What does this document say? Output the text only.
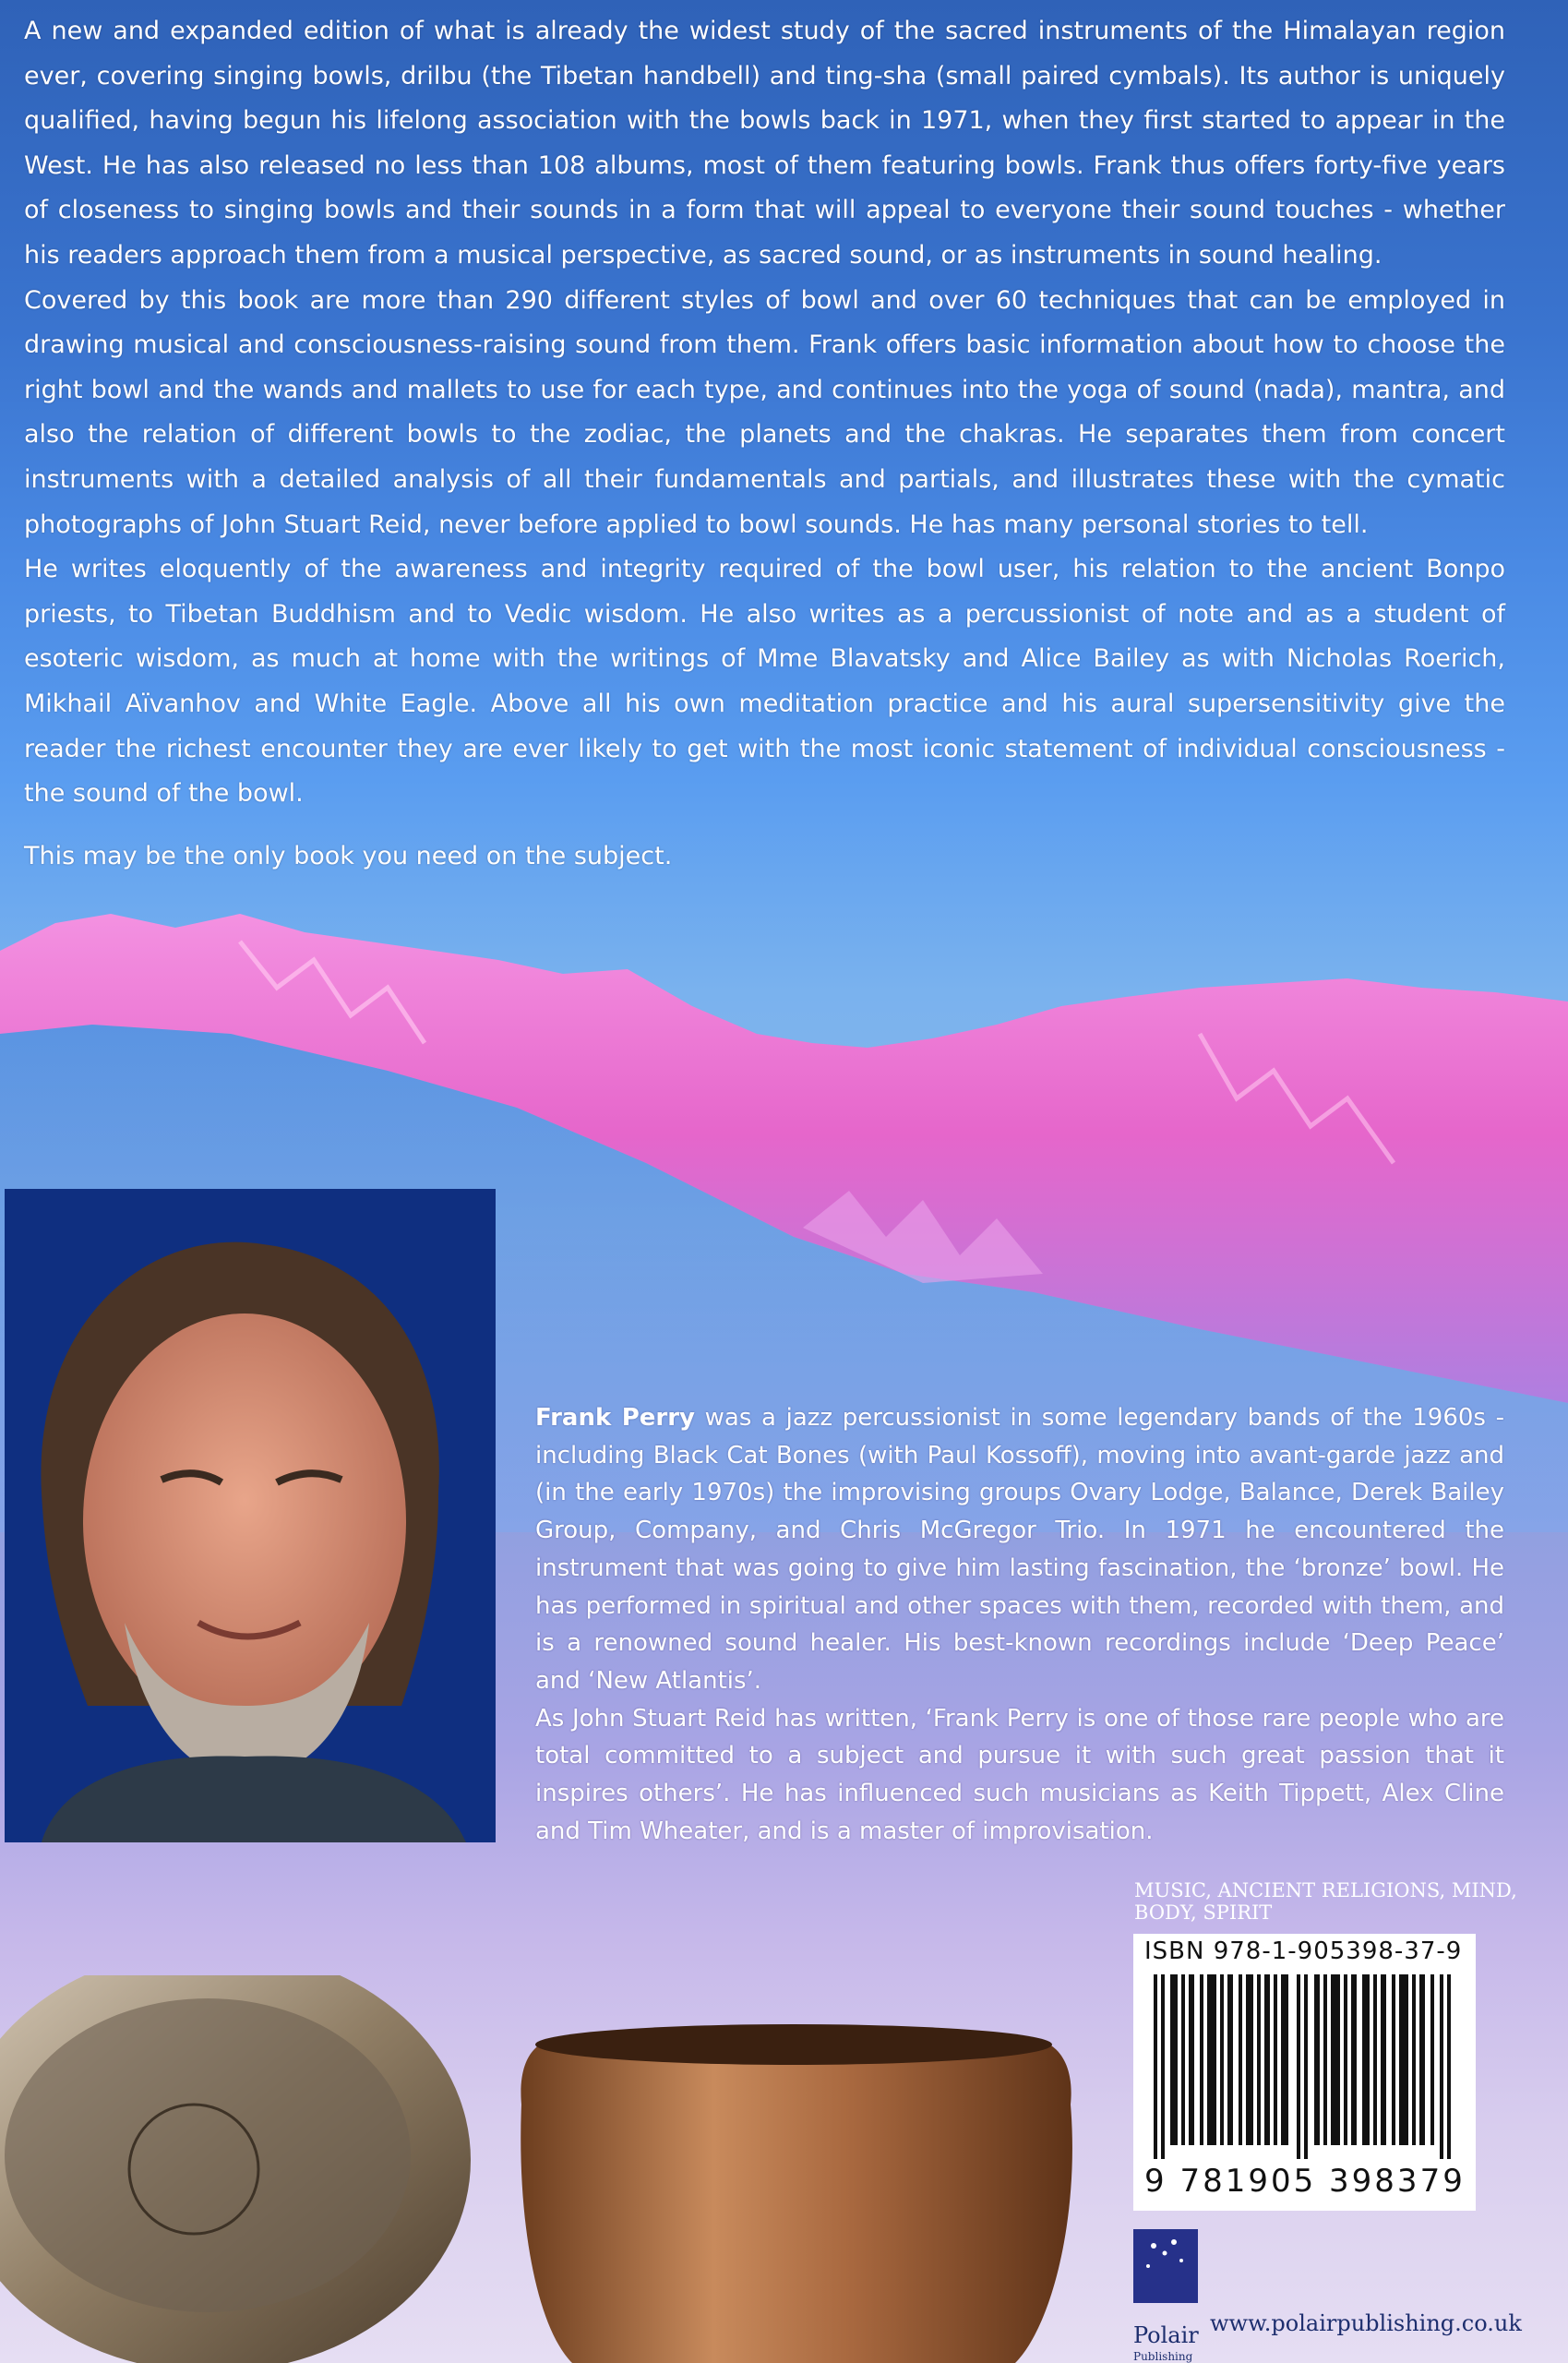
A new and expanded edition of what is already the widest study of the sacred instruments of the Himalayan region ever, covering singing bowls, drilbu (the Tibetan handbell) and ting-sha (small paired cymbals). Its author is uniquely qualified, having begun his lifelong association with the bowls back in 1971, when they first started to appear in the West. He has also released no less than 108 albums, most of them featuring bowls. Frank thus offers forty-five years of closeness to singing bowls and their sounds in a form that will appeal to everyone their sound touches - whether his readers approach them from a musical perspective, as sacred sound, or as instruments in sound healing.

Covered by this book are more than 290 different styles of bowl and over 60 techniques that can be employed in drawing musical and consciousness-raising sound from them. Frank offers basic information about how to choose the right bowl and the wands and mallets to use for each type, and continues into the yoga of sound (nada), mantra, and also the relation of different bowls to the zodiac, the planets and the chakras. He separates them from concert instruments with a detailed analysis of all their fundamentals and partials, and illustrates these with the cymatic photographs of John Stuart Reid, never before applied to bowl sounds. He has many personal stories to tell.

He writes eloquently of the awareness and integrity required of the bowl user, his relation to the ancient Bonpo priests, to Tibetan Buddhism and to Vedic wisdom. He also writes as a percussionist of note and as a student of esoteric wisdom, as much at home with the writings of Mme Blavatsky and Alice Bailey as with Nicholas Roerich, Mikhail Aïvanhov and White Eagle. Above all his own meditation practice and his aural supersensitivity give the reader the richest encounter they are ever likely to get with the most iconic statement of individual consciousness - the sound of the bowl.

This may be the only book you need on the subject.

Frank Perry was a jazz percussionist in some legendary bands of the 1960s - including Black Cat Bones (with Paul Kossoff), moving into avant-garde jazz and (in the early 1970s) the improvising groups Ovary Lodge, Balance, Derek Bailey Group, Company, and Chris McGregor Trio. In 1971 he encountered the instrument that was going to give him lasting fascination, the ‘bronze’ bowl. He has performed in spiritual and other spaces with them, recorded with them, and is a renowned sound healer. His best-known recordings include ‘Deep Peace’ and ‘New Atlantis’.

As John Stuart Reid has written, ‘Frank Perry is one of those rare people who are total committed to a subject and pursue it with such great passion that it inspires others’. He has influenced such musicians as Keith Tippett, Alex Cline and Tim Wheater, and is a master of improvisation.

MUSIC, ANCIENT RELIGIONS, MIND, BODY, SPIRIT
ISBN 978-1-905398-37-9
9 781905 398379
Polair
Publishing
www.polairpublishing.co.uk
